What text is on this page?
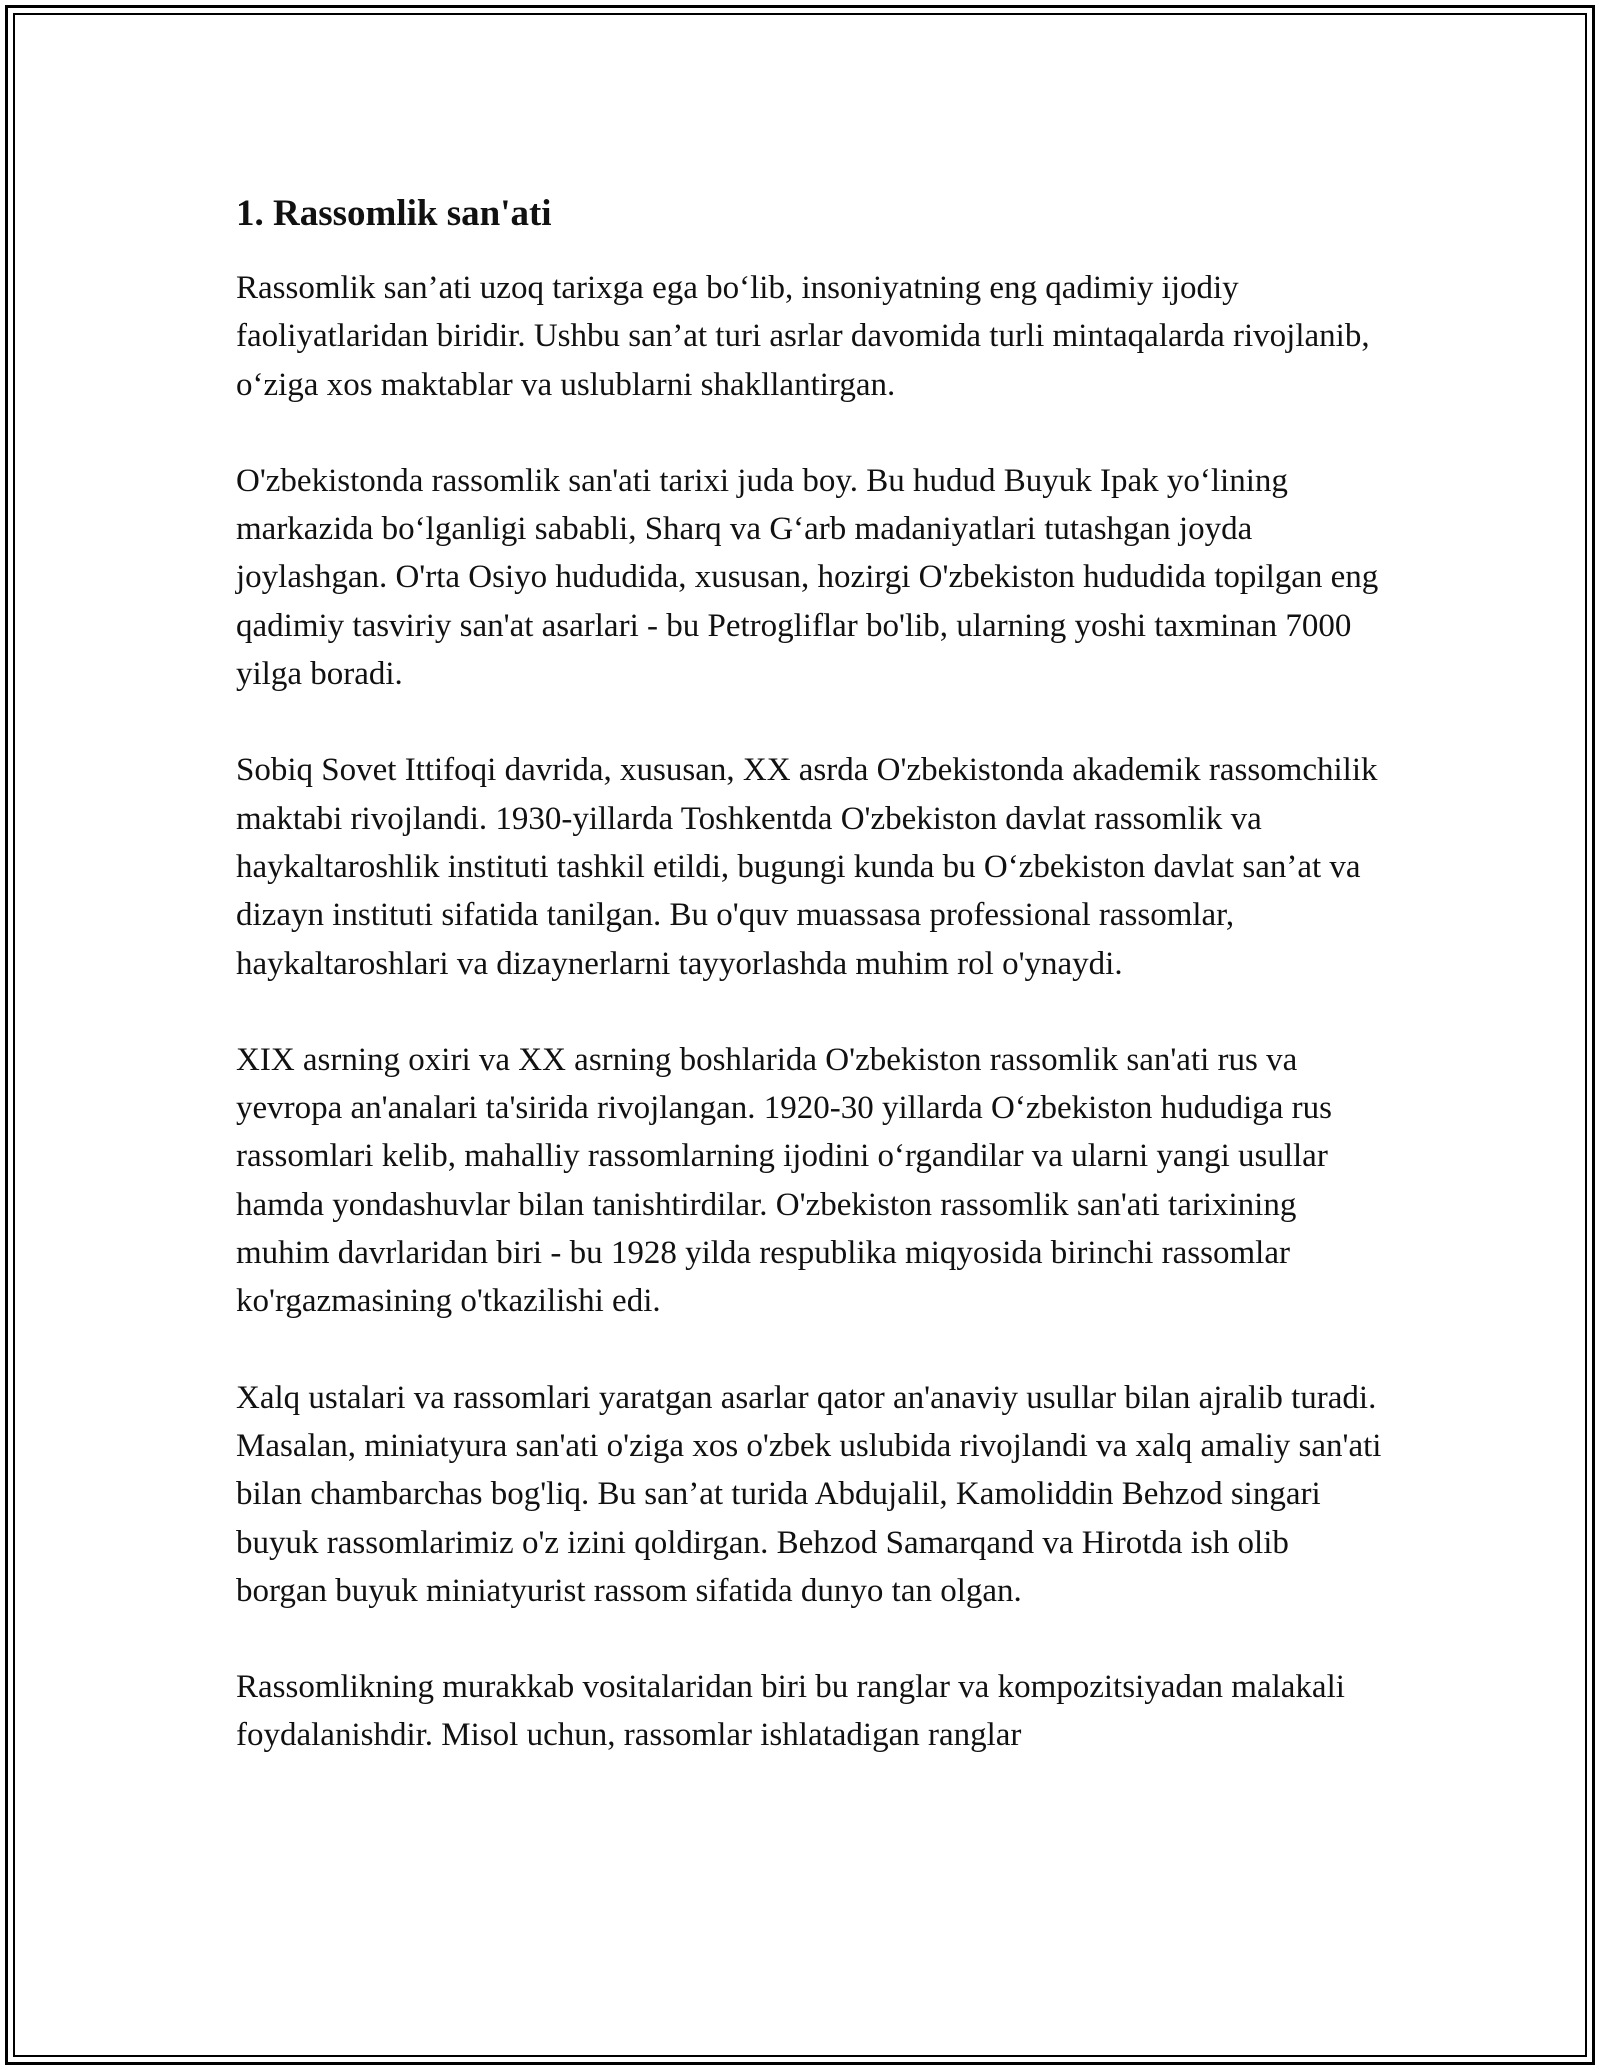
1. Rassomlik san'ati

Rassomlik san’ati uzoq tarixga ega bo‘lib, insoniyatning eng qadimiy ijodiy faoliyatlaridan biridir. Ushbu san’at turi asrlar davomida turli mintaqalarda rivojlanib, o‘ziga xos maktablar va uslublarni shakllantirgan.

O'zbekistonda rassomlik san'ati tarixi juda boy. Bu hudud Buyuk Ipak yo‘lining markazida bo‘lganligi sababli, Sharq va G‘arb madaniyatlari tutashgan joyda joylashgan. O'rta Osiyo hududida, xususan, hozirgi O'zbekiston hududida topilgan eng qadimiy tasviriy san'at asarlari - bu Petrogliflar bo'lib, ularning yoshi taxminan 7000 yilga boradi.

Sobiq Sovet Ittifoqi davrida, xususan, XX asrda O'zbekistonda akademik rassomchilik maktabi rivojlandi. 1930-yillarda Toshkentda O'zbekiston davlat rassomlik va haykaltaroshlik instituti tashkil etildi, bugungi kunda bu O‘zbekiston davlat san’at va dizayn instituti sifatida tanilgan. Bu o'quv muassasa professional rassomlar, haykaltaroshlari va dizaynerlarni tayyorlashda muhim rol o'ynaydi.

XIX asrning oxiri va XX asrning boshlarida O'zbekiston rassomlik san'ati rus va yevropa an'analari ta'sirida rivojlangan. 1920-30 yillarda O‘zbekiston hududiga rus rassomlari kelib, mahalliy rassomlarning ijodini o‘rgandilar va ularni yangi usullar hamda yondashuvlar bilan tanishtirdilar. O'zbekiston rassomlik san'ati tarixining muhim davrlaridan biri - bu 1928 yilda respublika miqyosida birinchi rassomlar ko'rgazmasining o'tkazilishi edi.

Xalq ustalari va rassomlari yaratgan asarlar qator an'anaviy usullar bilan ajralib turadi. Masalan, miniatyura san'ati o'ziga xos o'zbek uslubida rivojlandi va xalq amaliy san'ati bilan chambarchas bog'liq. Bu san’at turida Abdujalil, Kamoliddin Behzod singari buyuk rassomlarimiz o'z izini qoldirgan. Behzod Samarqand va Hirotda ish olib borgan buyuk miniatyurist rassom sifatida dunyo tan olgan.

Rassomlikning murakkab vositalaridan biri bu ranglar va kompozitsiyadan malakali foydalanishdir. Misol uchun, rassomlar ishlatadigan ranglar
